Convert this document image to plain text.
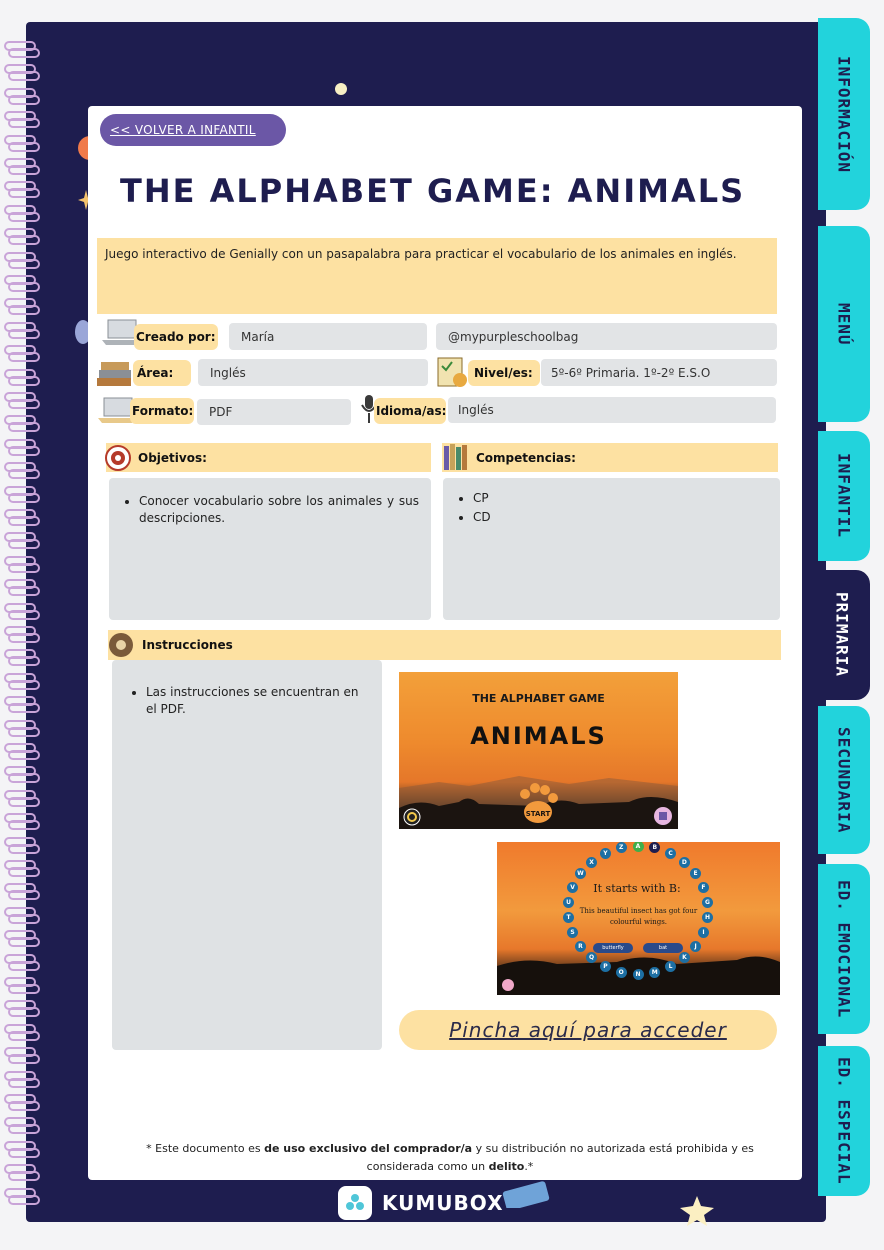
INFORMACIÓN
MENÚ
INFANTIL
PRIMARIA
SECUNDARIA
ED. EMOCIONAL
ED. ESPECIAL
<< VOLVER A INFANTIL
THE ALPHABET GAME: ANIMALS
Juego interactivo de Genially con un pasapalabra para practicar el vocabulario de los animales en inglés.
Creado por:	María	@mypurpleschoolbag
Área:	Inglés	Nivel/es:	5º-6º Primaria. 1º-2º E.S.O
Formato:	PDF	Idioma/as: Inglés
Objetivos:	Competencias:
• Conocer vocabulario sobre los animales y sus descripciones.
• CP
• CD
Instrucciones
• Las instrucciones se encuentran en el PDF.
THE ALPHABET GAME
ANIMALS
START
A	B
C
D
E
F
G
H
I
J
K
L
M
N
O
P
Q
R
S
T
U
V
W
X
Y
Z
It starts with B:
This beautiful insect has got four colourful wings.
butterfly	bat
Pincha aquí para acceder
* Este documento es de uso exclusivo del comprador/a y su distribución no autorizada está prohibida y es considerada como un delito.*
KUMUBOX
